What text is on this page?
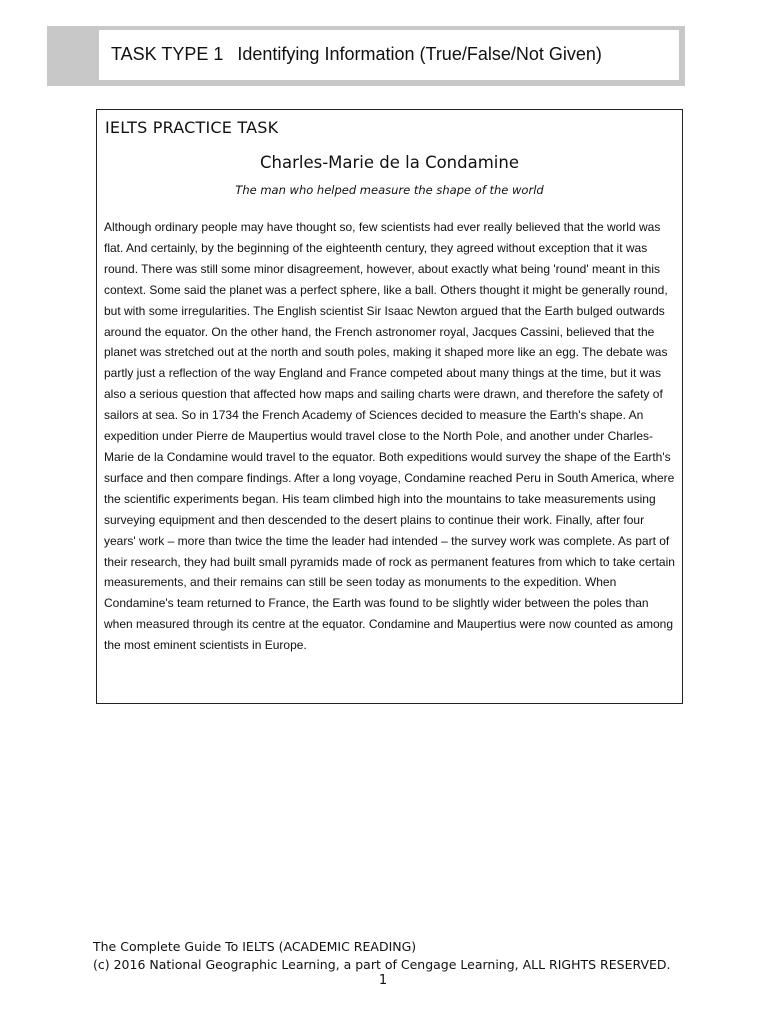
TASK TYPE 1 Identifying Information (True/False/Not Given)
IELTS PRACTICE TASK
Charles-Marie de la Condamine
The man who helped measure the shape of the world

Although ordinary people may have thought so, few scientists had ever really believed that the world was flat. And certainly, by the beginning of the eighteenth century, they agreed without exception that it was round. There was still some minor disagreement, however, about exactly what being 'round' meant in this context. Some said the planet was a perfect sphere, like a ball. Others thought it might be generally round, but with some irregularities. The English scientist Sir Isaac Newton argued that the Earth bulged outwards around the equator. On the other hand, the French astronomer royal, Jacques Cassini, believed that the planet was stretched out at the north and south poles, making it shaped more like an egg. The debate was partly just a reflection of the way England and France competed about many things at the time, but it was also a serious question that affected how maps and sailing charts were drawn, and therefore the safety of sailors at sea. So in 1734 the French Academy of Sciences decided to measure the Earth's shape. An expedition under Pierre de Maupertius would travel close to the North Pole, and another under Charles-Marie de la Condamine would travel to the equator. Both expeditions would survey the shape of the Earth's surface and then compare findings. After a long voyage, Condamine reached Peru in South America, where the scientific experiments began. His team climbed high into the mountains to take measurements using surveying equipment and then descended to the desert plains to continue their work. Finally, after four years' work – more than twice the time the leader had intended – the survey work was complete. As part of their research, they had built small pyramids made of rock as permanent features from which to take certain measurements, and their remains can still be seen today as monuments to the expedition. When Condamine's team returned to France, the Earth was found to be slightly wider between the poles than when measured through its centre at the equator. Condamine and Maupertius were now counted as among the most eminent scientists in Europe.

The Complete Guide To IELTS (ACADEMIC READING)
(c) 2016 National Geographic Learning, a part of Cengage Learning, ALL RIGHTS RESERVED.
1
